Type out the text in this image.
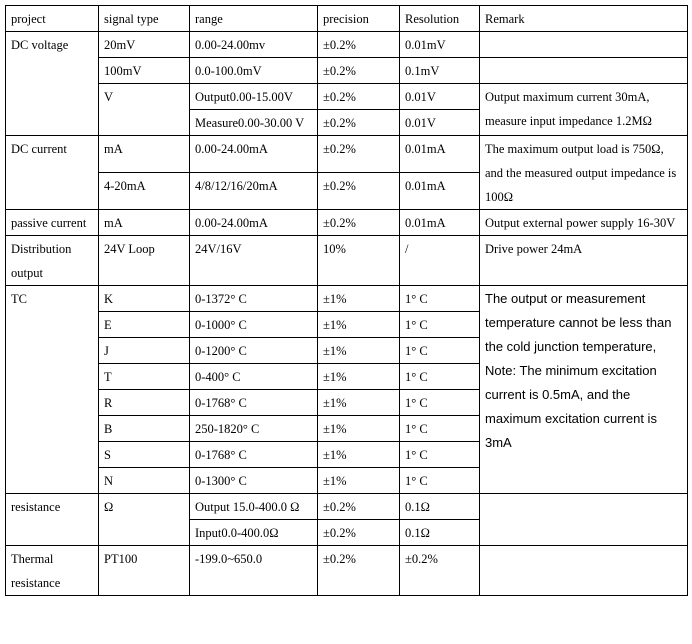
project	signal type	range	precision	Resolution	Remark
DC voltage	20mV	0.00-24.00mv	±0.2%	0.01mV	
	100mV	0.0-100.0mV	±0.2%	0.1mV	
	V	Output0.00-15.00V	±0.2%	0.01V	Output maximum current 30mA, measure input impedance 1.2MΩ
		Measure0.00-30.00 V	±0.2%	0.01V	
DC current	mA	0.00-24.00mA	±0.2%	0.01mA	The maximum output load is 750Ω, and the measured output impedance is 100Ω
	4-20mA	4/8/12/16/20mA	±0.2%	0.01mA	
passive current	mA	0.00-24.00mA	±0.2%	0.01mA	Output external power supply 16-30V
Distribution output	24V Loop	24V/16V	10%	/	Drive power 24mA
TC	K	0-1372° C	±1%	1° C	The output or measurement temperature cannot be less than the cold junction temperature, Note: The minimum excitation current is 0.5mA, and the maximum excitation current is 3mA
	E	0-1000° C	±1%	1° C	
	J	0-1200° C	±1%	1° C	
	T	0-400° C	±1%	1° C	
	R	0-1768° C	±1%	1° C	
	B	250-1820° C	±1%	1° C	
	S	0-1768° C	±1%	1° C	
	N	0-1300° C	±1%	1° C	
resistance	Ω	Output 15.0-400.0 Ω	±0.2%	0.1Ω	
		Input0.0-400.0Ω	±0.2%	0.1Ω	
Thermal resistance	PT100	-199.0~650.0	±0.2%	±0.2%	
